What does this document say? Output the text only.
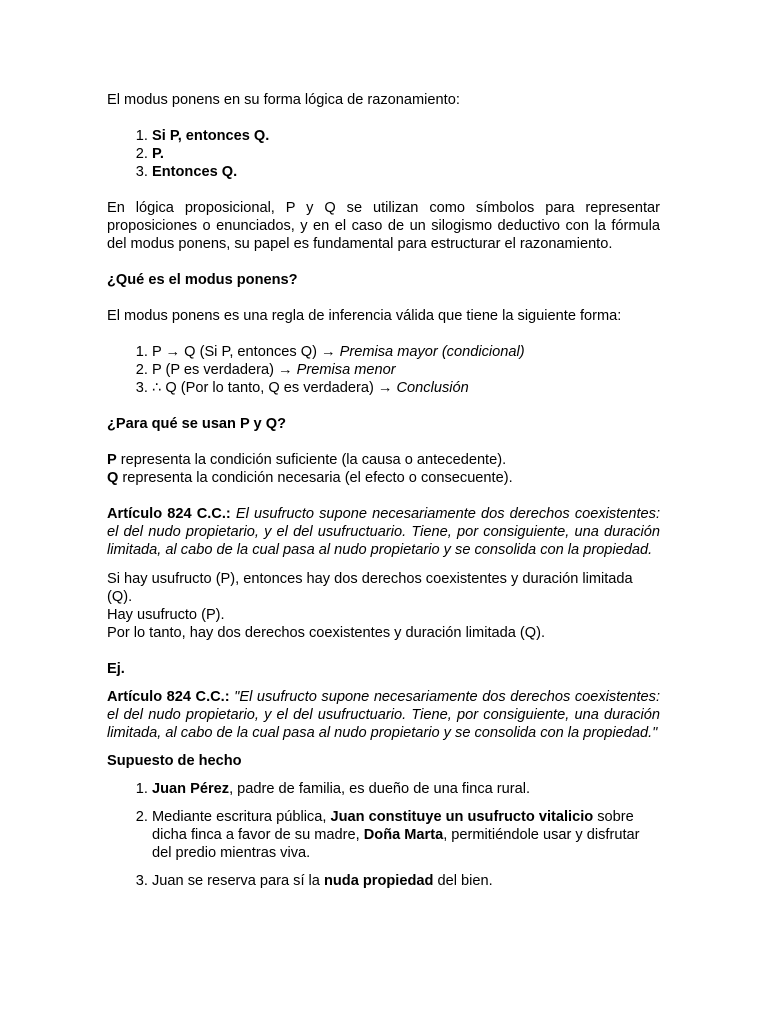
El modus ponens en su forma lógica de razonamiento:

1. Si P, entonces Q.
2. P.
3. Entonces Q.

En lógica proposicional, P y Q se utilizan como símbolos para representar proposiciones o enunciados, y en el caso de un silogismo deductivo con la fórmula del modus ponens, su papel es fundamental para estructurar el razonamiento.

¿Qué es el modus ponens?

El modus ponens es una regla de inferencia válida que tiene la siguiente forma:

1. P → Q (Si P, entonces Q) → Premisa mayor (condicional)
2. P (P es verdadera) → Premisa menor
3. ∴ Q (Por lo tanto, Q es verdadera) → Conclusión

¿Para qué se usan P y Q?

P representa la condición suficiente (la causa o antecedente).

Q representa la condición necesaria (el efecto o consecuente).

Artículo 824 C.C.: El usufructo supone necesariamente dos derechos coexistentes: el del nudo propietario, y el del usufructuario. Tiene, por consiguiente, una duración limitada, al cabo de la cual pasa al nudo propietario y se consolida con la propiedad.

Si hay usufructo (P), entonces hay dos derechos coexistentes y duración limitada (Q).

Hay usufructo (P).

Por lo tanto, hay dos derechos coexistentes y duración limitada (Q).

Ej.

Artículo 824 C.C.: "El usufructo supone necesariamente dos derechos coexistentes: el del nudo propietario, y el del usufructuario. Tiene, por consiguiente, una duración limitada, al cabo de la cual pasa al nudo propietario y se consolida con la propiedad."

Supuesto de hecho

1. Juan Pérez, padre de familia, es dueño de una finca rural.
2. Mediante escritura pública, Juan constituye un usufructo vitalicio sobre dicha finca a favor de su madre, Doña Marta, permitiéndole usar y disfrutar del predio mientras viva.
3. Juan se reserva para sí la nuda propiedad del bien.
